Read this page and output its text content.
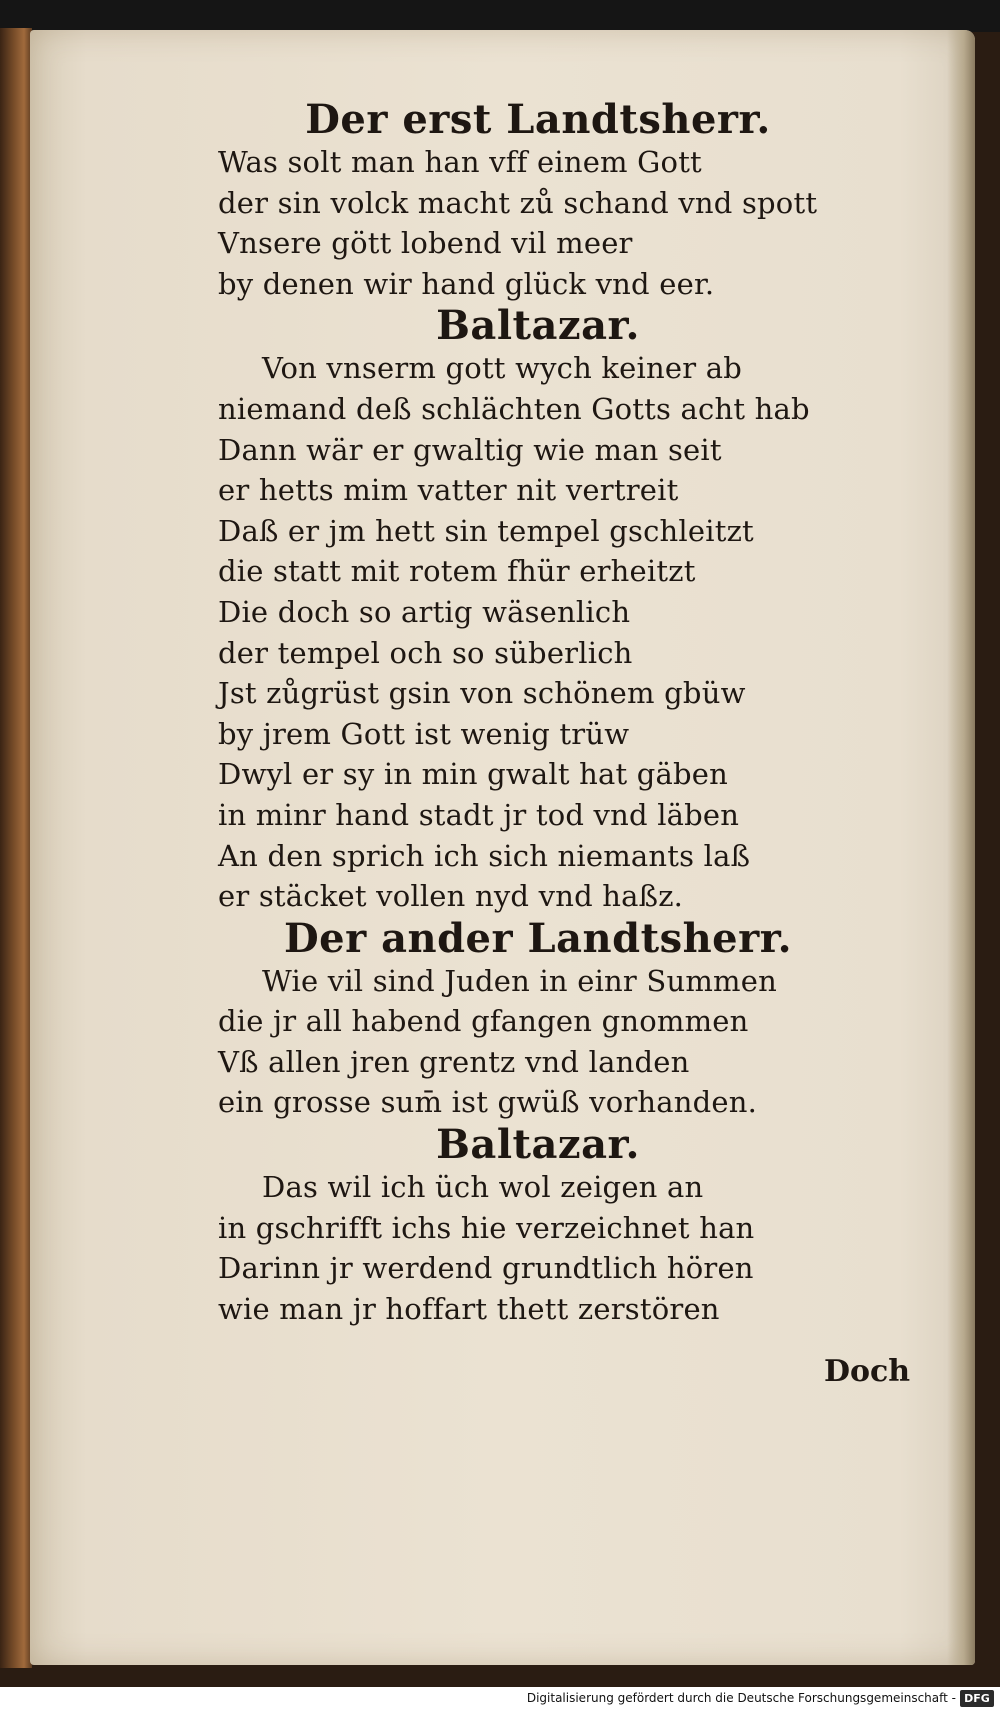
Der erst Landtsherr.
Was solt man han vff einem Gott
der sin volck macht zů schand vnd spott
Vnsere gött lobend vil meer
by denen wir hand glück vnd eer.
Baltazar.
Von vnserm gott wych keiner ab
niemand deß schlächten Gotts acht hab
Dann wär er gwaltig wie man seit
er hetts mim vatter nit vertreit
Daß er jm hett sin tempel gschleitzt
die statt mit rotem fhür erheitzt
Die doch so artig wäsenlich
der tempel och so süberlich
Jst zůgrüst gsin von schönem gbüw
by jrem Gott ist wenig trüw
Dwyl er sy in min gwalt hat gäben
in minr hand stadt jr tod vnd läben
An den sprich ich sich niemants laß
er stäcket vollen nyd vnd haßz.
Der ander Landtsherr.
Wie vil sind Juden in einr Summen
die jr all habend gfangen gnommen
Vß allen jren grentz vnd landen
ein grosse sum̄ ist gwüß vorhanden.
Baltazar.
Das wil ich üch wol zeigen an
in gschrifft ichs hie verzeichnet han
Darinn jr werdend grundtlich hören
wie man jr hoffart thett zerstören
Doch
Digitalisierung gefördert durch die Deutsche Forschungsgemeinschaft - DFG
